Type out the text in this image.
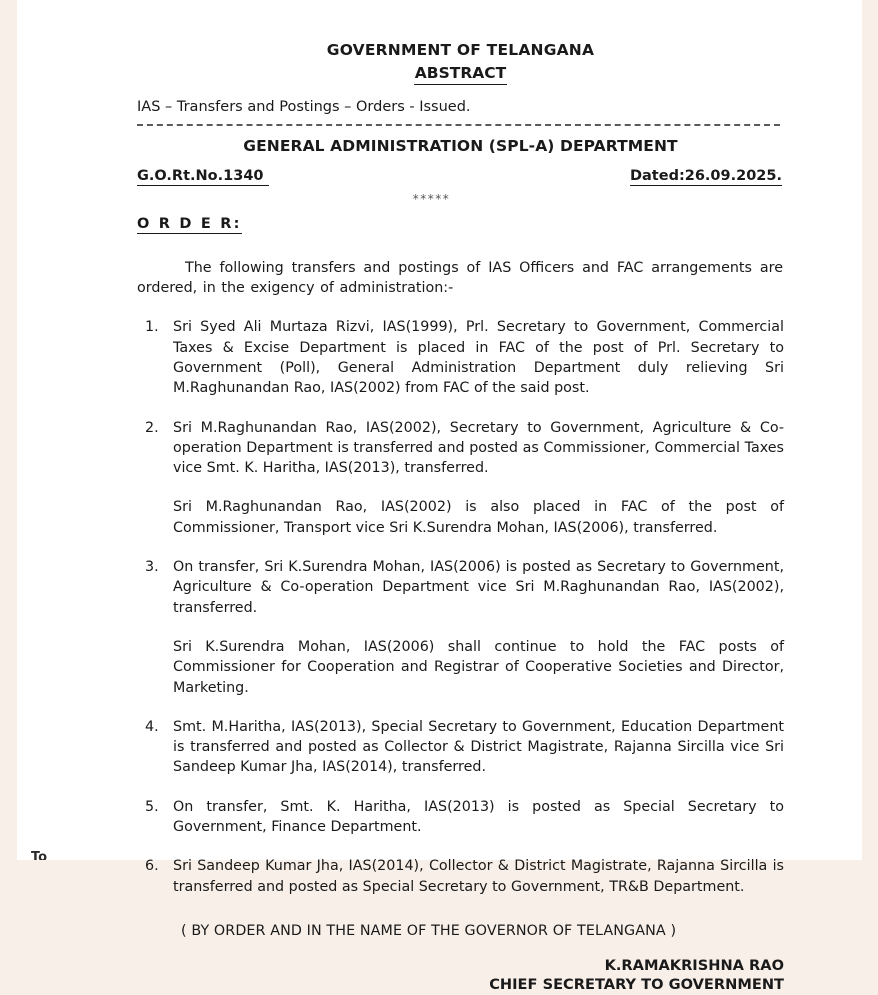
GOVERNMENT OF TELANGANA
ABSTRACT
IAS – Transfers and Postings – Orders - Issued.
GENERAL ADMINISTRATION (SPL-A) DEPARTMENT
G.O.Rt.No.1340	Dated:26.09.2025.
*****
O R D E R:

The following transfers and postings of IAS Officers and FAC arrangements are ordered, in the exigency of administration:-

1.	Sri Syed Ali Murtaza Rizvi, IAS(1999), Prl. Secretary to Government, Commercial Taxes & Excise Department is placed in FAC of the post of Prl. Secretary to Government (Poll), General Administration Department duly relieving Sri M.Raghunandan Rao, IAS(2002) from FAC of the said post.

2.	Sri M.Raghunandan Rao, IAS(2002), Secretary to Government, Agriculture & Co-operation Department is transferred and posted as Commissioner, Commercial Taxes vice Smt. K. Haritha, IAS(2013), transferred.

Sri M.Raghunandan Rao, IAS(2002) is also placed in FAC of the post of Commissioner, Transport vice Sri K.Surendra Mohan, IAS(2006), transferred.

3.	On transfer, Sri K.Surendra Mohan, IAS(2006) is posted as Secretary to Government, Agriculture & Co-operation Department vice Sri M.Raghunandan Rao, IAS(2002), transferred.

Sri K.Surendra Mohan, IAS(2006) shall continue to hold the FAC posts of Commissioner for Cooperation and Registrar of Cooperative Societies and Director, Marketing.

4.	Smt. M.Haritha, IAS(2013), Special Secretary to Government, Education Department is transferred and posted as Collector & District Magistrate, Rajanna Sircilla vice Sri Sandeep Kumar Jha, IAS(2014), transferred.

5.	On transfer, Smt. K. Haritha, IAS(2013) is posted as Special Secretary to Government, Finance Department.

6.	Sri Sandeep Kumar Jha, IAS(2014), Collector & District Magistrate, Rajanna Sircilla is transferred and posted as Special Secretary to Government, TR&B Department.

( BY ORDER AND IN THE NAME OF THE GOVERNOR OF TELANGANA )
K.RAMAKRISHNA RAO
CHIEF SECRETARY TO GOVERNMENT
To
